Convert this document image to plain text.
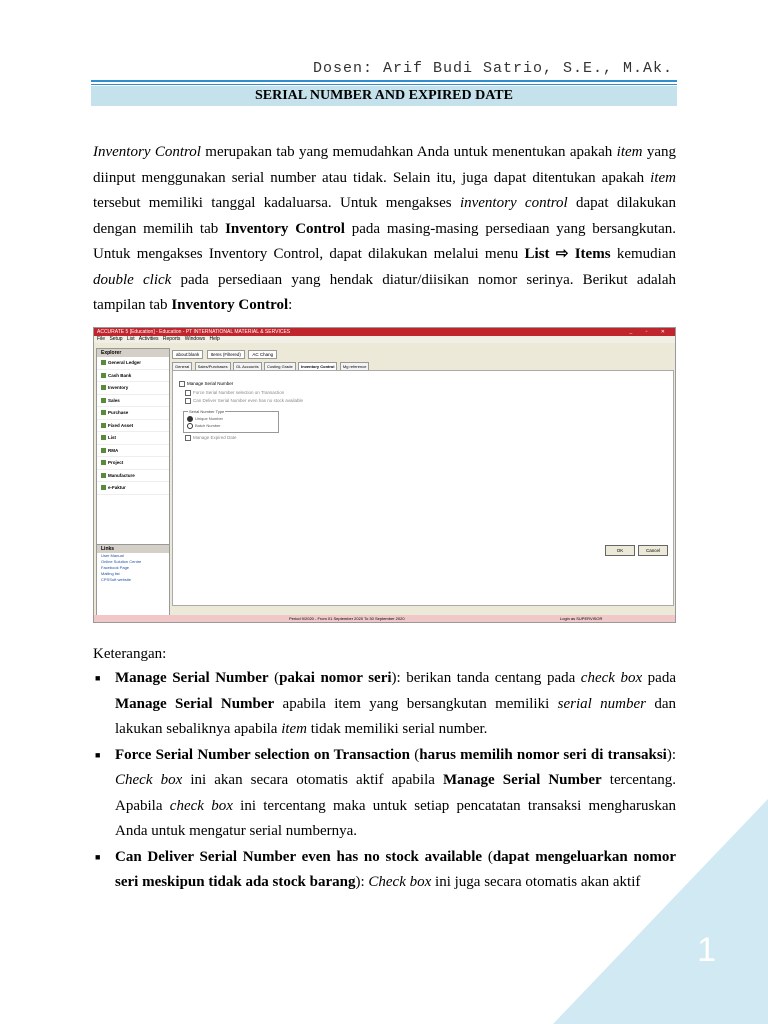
Dosen: Arif Budi Satrio, S.E., M.Ak.
SERIAL NUMBER AND EXPIRED DATE
Inventory Control merupakan tab yang memudahkan Anda untuk menentukan apakah item yang diinput menggunakan serial number atau tidak. Selain itu, juga dapat ditentukan apakah item tersebut memiliki tanggal kadaluarsa. Untuk mengakses inventory control dapat dilakukan dengan memilih tab Inventory Control pada masing-masing persediaan yang bersangkutan. Untuk mengakses Inventory Control, dapat dilakukan melalui menu List ⇨ Items kemudian double click pada persediaan yang hendak diatur/diisikan nomor serinya. Berikut adalah tampilan tab Inventory Control:
ACCURATE 5 [Education] - Education - PT INTERNATIONAL MATERIAL & SERVICES	_ ▫ ✕
File Setup List Activities Reports Windows Help
Explorer
General Ledger
Cash Bank
Inventory
Sales
Purchase
Fixed Asset
List
RMA
Project
Manufacture
e-Faktur
Links
User Manual
Online Solution Centre
Facebook Page
Mailing list
CPSSoft website
about:blank	Items (Filtered)	AC Chang
General Sales/Purchases GL Accounts Costing Grade Inventory Control Mg reference
Manage Serial Number
Force Serial Number selection on Transaction
Can Deliver Serial Number even has no stock available
Serial Number Type
Unique Number
Batch Number
Manage Expired Date
OK	Cancel
Period 9/2020 - From 01 September 2020 To 30 September 2020	Login as SUPERVISOR
Keterangan:
■ Manage Serial Number (pakai nomor seri): berikan tanda centang pada check box pada Manage Serial Number apabila item yang bersangkutan memiliki serial number dan lakukan sebaliknya apabila item tidak memiliki serial number.
■ Force Serial Number selection on Transaction (harus memilih nomor seri di transaksi): Check box ini akan secara otomatis aktif apabila Manage Serial Number tercentang. Apabila check box ini tercentang maka untuk setiap pencatatan transaksi mengharuskan Anda untuk mengatur serial numbernya.
■ Can Deliver Serial Number even has no stock available (dapat mengeluarkan nomor seri meskipun tidak ada stock barang): Check box ini juga secara otomatis akan aktif
1
